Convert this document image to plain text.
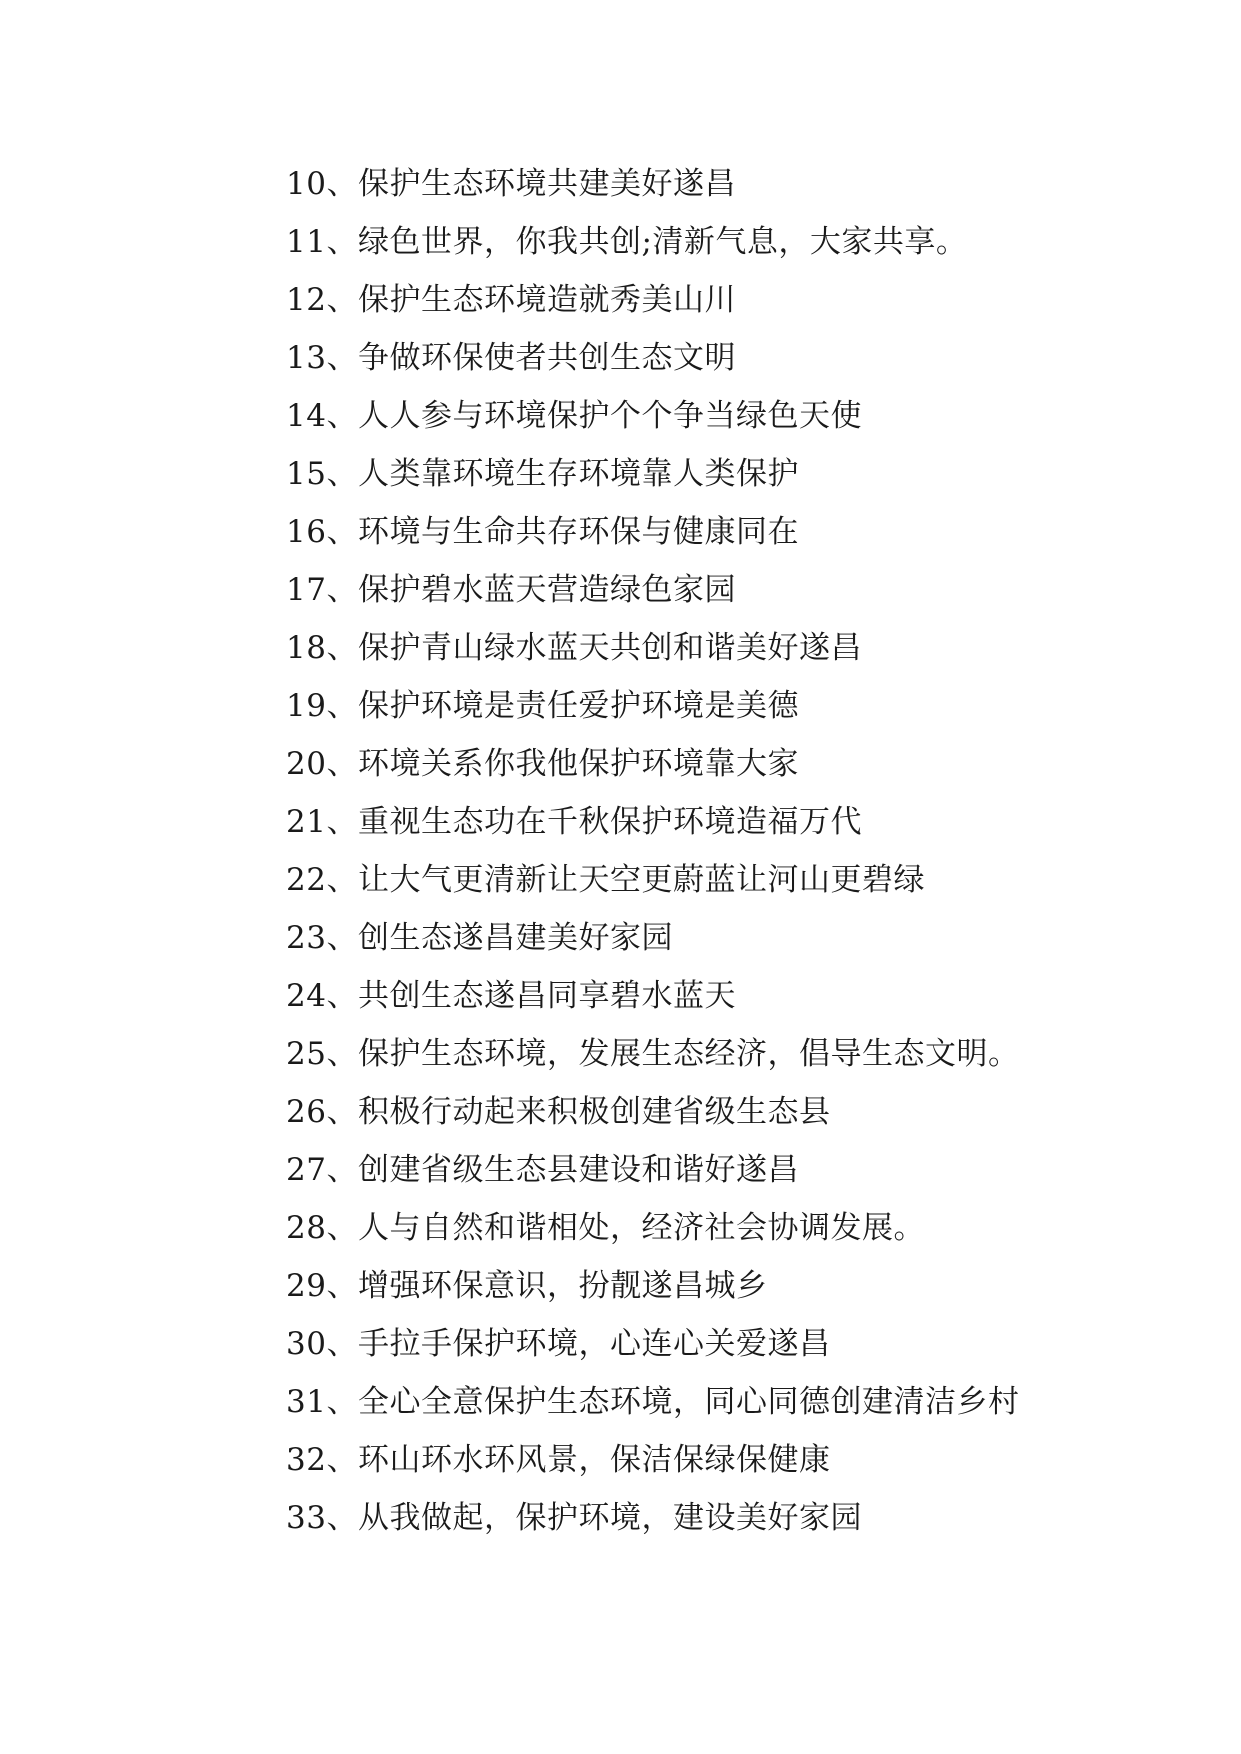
10、保护生态环境共建美好遂昌
11、绿色世界，你我共创;清新气息，大家共享。
12、保护生态环境造就秀美山川
13、争做环保使者共创生态文明
14、人人参与环境保护个个争当绿色天使
15、人类靠环境生存环境靠人类保护
16、环境与生命共存环保与健康同在
17、保护碧水蓝天营造绿色家园
18、保护青山绿水蓝天共创和谐美好遂昌
19、保护环境是责任爱护环境是美德
20、环境关系你我他保护环境靠大家
21、重视生态功在千秋保护环境造福万代
22、让大气更清新让天空更蔚蓝让河山更碧绿
23、创生态遂昌建美好家园
24、共创生态遂昌同享碧水蓝天
25、保护生态环境，发展生态经济，倡导生态文明。
26、积极行动起来积极创建省级生态县
27、创建省级生态县建设和谐好遂昌
28、人与自然和谐相处，经济社会协调发展。
29、增强环保意识，扮靓遂昌城乡
30、手拉手保护环境，心连心关爱遂昌
31、全心全意保护生态环境，同心同德创建清洁乡村
32、环山环水环风景，保洁保绿保健康
33、从我做起，保护环境，建设美好家园
